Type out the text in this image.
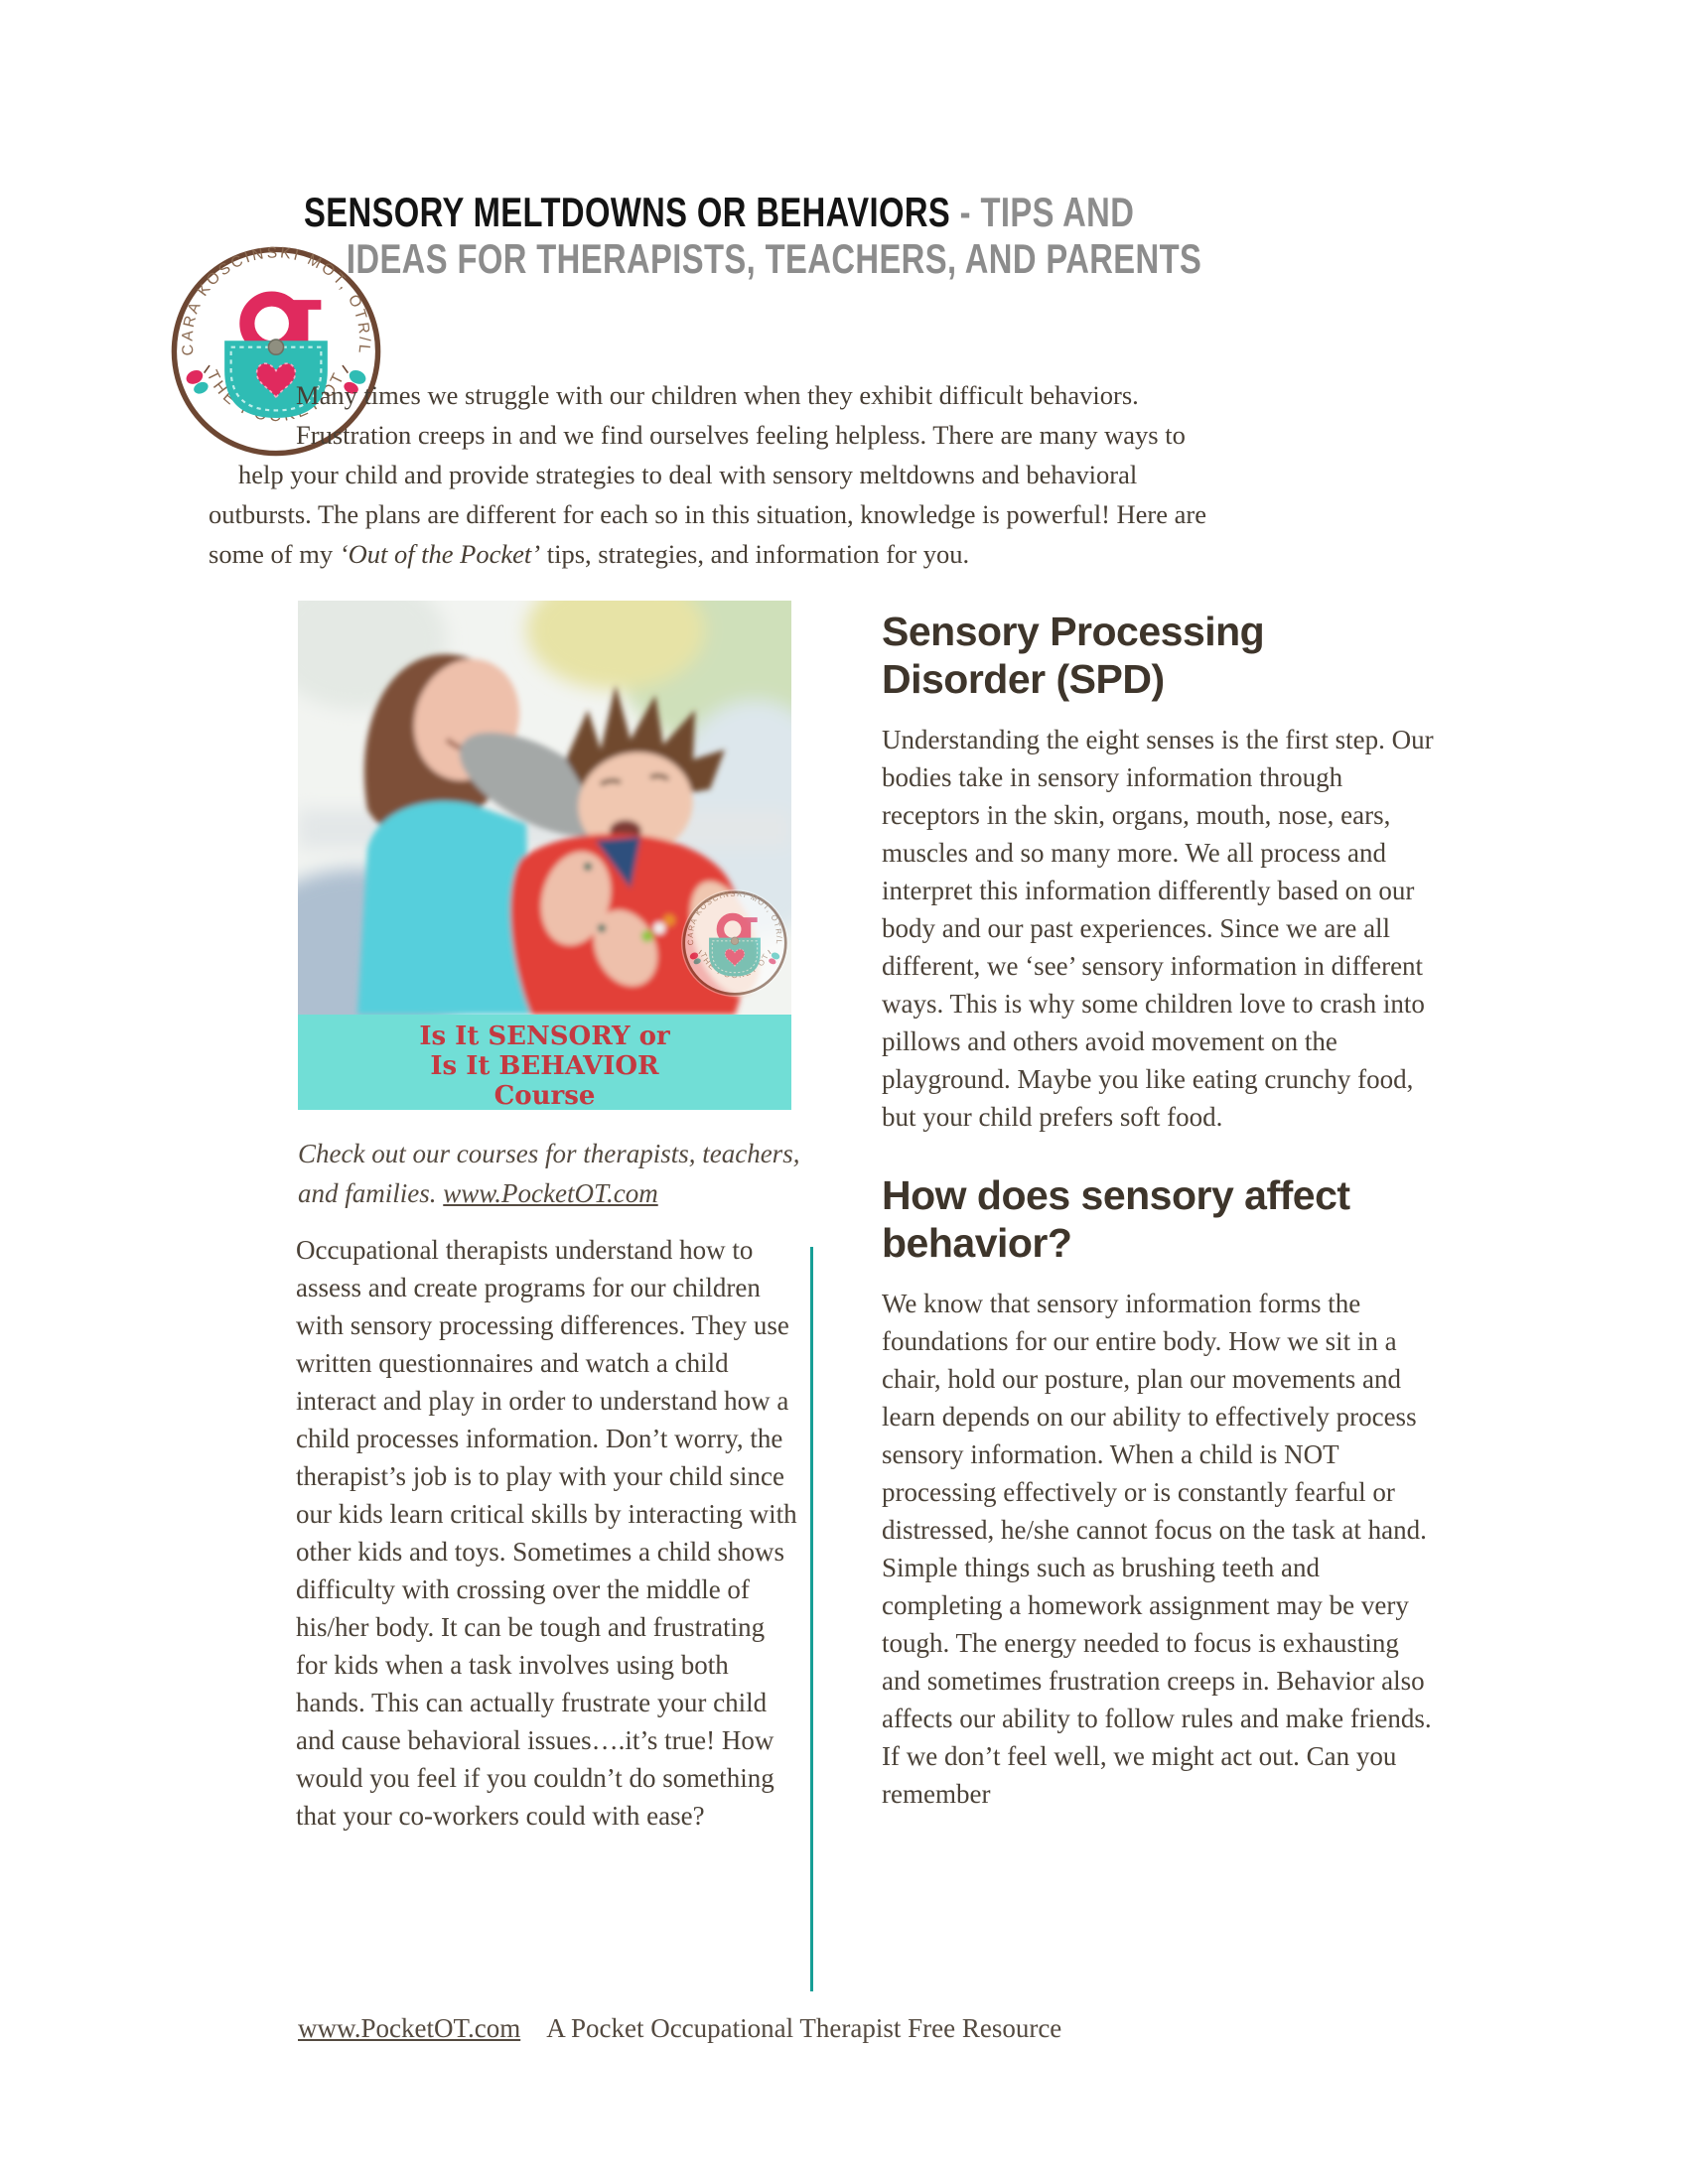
SENSORY MELTDOWNS OR BEHAVIORS - TIPS AND IDEAS FOR THERAPISTS, TEACHERS, AND PARENTS
Many times we struggle with our children when they exhibit difficult behaviors. Frustration creeps in and we find ourselves feeling helpless. There are many ways to help your child and provide strategies to deal with sensory meltdowns and behavioral outbursts. The plans are different for each so in this situation, knowledge is powerful! Here are some of my ‘Out of the Pocket’ tips, strategies, and information for you.
Is It SENSORY or
Is It BEHAVIOR
Course
Check out our courses for therapists, teachers, and families. www.PocketOT.com
Occupational therapists understand how to assess and create programs for our children with sensory processing differences. They use written questionnaires and watch a child interact and play in order to understand how a child processes information. Don’t worry, the therapist’s job is to play with your child since our kids learn critical skills by interacting with other kids and toys. Sometimes a child shows difficulty with crossing over the middle of his/her body. It can be tough and frustrating for kids when a task involves using both hands. This can actually frustrate your child and cause behavioral issues….it’s true! How would you feel if you couldn’t do something that your co-workers could with ease?
Sensory Processing Disorder (SPD)

Understanding the eight senses is the first step. Our bodies take in sensory information through receptors in the skin, organs, mouth, nose, ears, muscles and so many more. We all process and interpret this information differently based on our body and our past experiences. Since we are all different, we ‘see’ sensory information in different ways. This is why some children love to crash into pillows and others avoid movement on the playground. Maybe you like eating crunchy food, but your child prefers soft food.

How does sensory affect behavior?

We know that sensory information forms the foundations for our entire body. How we sit in a chair, hold our posture, plan our movements and learn depends on our ability to effectively process sensory information. When a child is NOT processing effectively or is constantly fearful or distressed, he/she cannot focus on the task at hand. Simple things such as brushing teeth and completing a homework assignment may be very tough. The energy needed to focus is exhausting and sometimes frustration creeps in. Behavior also affects our ability to follow rules and make friends. If we don’t feel well, we might act out. Can you remember

www.PocketOT.com A Pocket Occupational Therapist Free Resource
